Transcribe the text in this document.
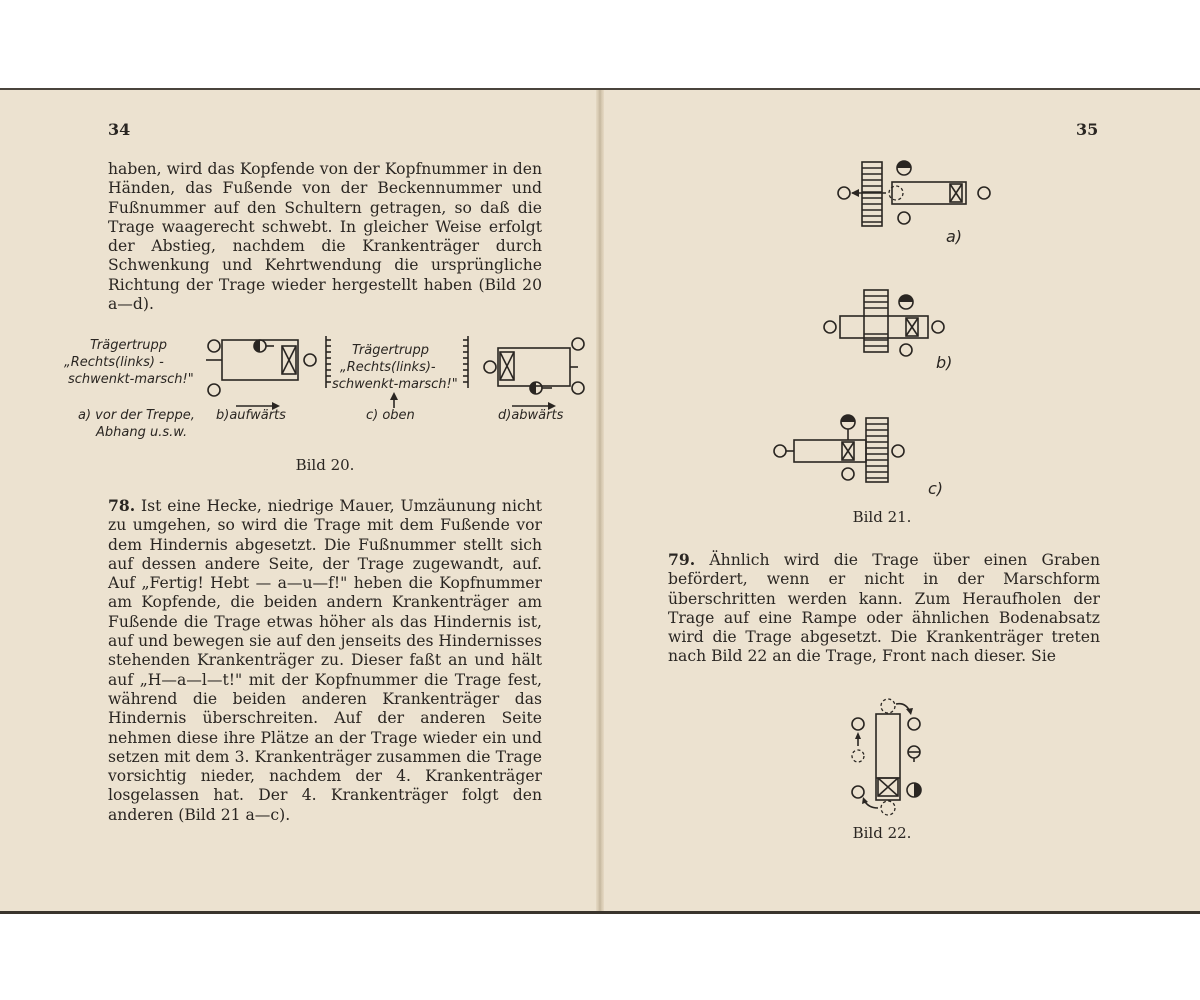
34

haben, wird das Kopfende von der Kopfnummer in den Händen, das Fußende von der Beckennummer und Fußnummer auf den Schultern getragen, so daß die Trage waagerecht schwebt. In gleicher Weise erfolgt der Abstieg, nachdem die Krankenträger durch Schwenkung und Kehrtwendung die ursprüngliche Richtung der Trage wieder hergestellt haben (Bild 20 a—d).

Trägertrupp
„Rechts(links) -
schwenkt-marsch!"
Trägertrupp
„Rechts(links)-
schwenkt-marsch!"
a) vor der Treppe,
Abhang u.s.w.
b)aufwärts	c) oben	d)abwärts
Bild 20.

78. Ist eine Hecke, niedrige Mauer, Umzäunung nicht zu umgehen, so wird die Trage mit dem Fußende vor dem Hindernis abgesetzt. Die Fußnummer stellt sich auf dessen andere Seite, der Trage zugewandt, auf. Auf „Fertig! Hebt — a—u—f!" heben die Kopfnummer am Kopfende, die beiden andern Krankenträger am Fußende die Trage etwas höher als das Hindernis ist, auf und bewegen sie auf den jenseits des Hindernisses stehenden Krankenträger zu. Dieser faßt an und hält auf „H—a—l—t!" mit der Kopfnummer die Trage fest, während die beiden anderen Krankenträger das Hindernis überschreiten. Auf der anderen Seite nehmen diese ihre Plätze an der Trage wieder ein und setzen mit dem 3. Krankenträger zusammen die Trage vorsichtig nieder, nachdem der 4. Krankenträger losgelassen hat. Der 4. Krankenträger folgt den anderen (Bild 21 a—c).

35
a)
b)
c)
Bild 21.

79. Ähnlich wird die Trage über einen Graben befördert, wenn er nicht in der Marschform überschritten werden kann. Zum Heraufholen der Trage auf eine Rampe oder ähnlichen Bodenabsatz wird die Trage abgesetzt. Die Krankenträger treten nach Bild 22 an die Trage, Front nach dieser. Sie

Bild 22.
